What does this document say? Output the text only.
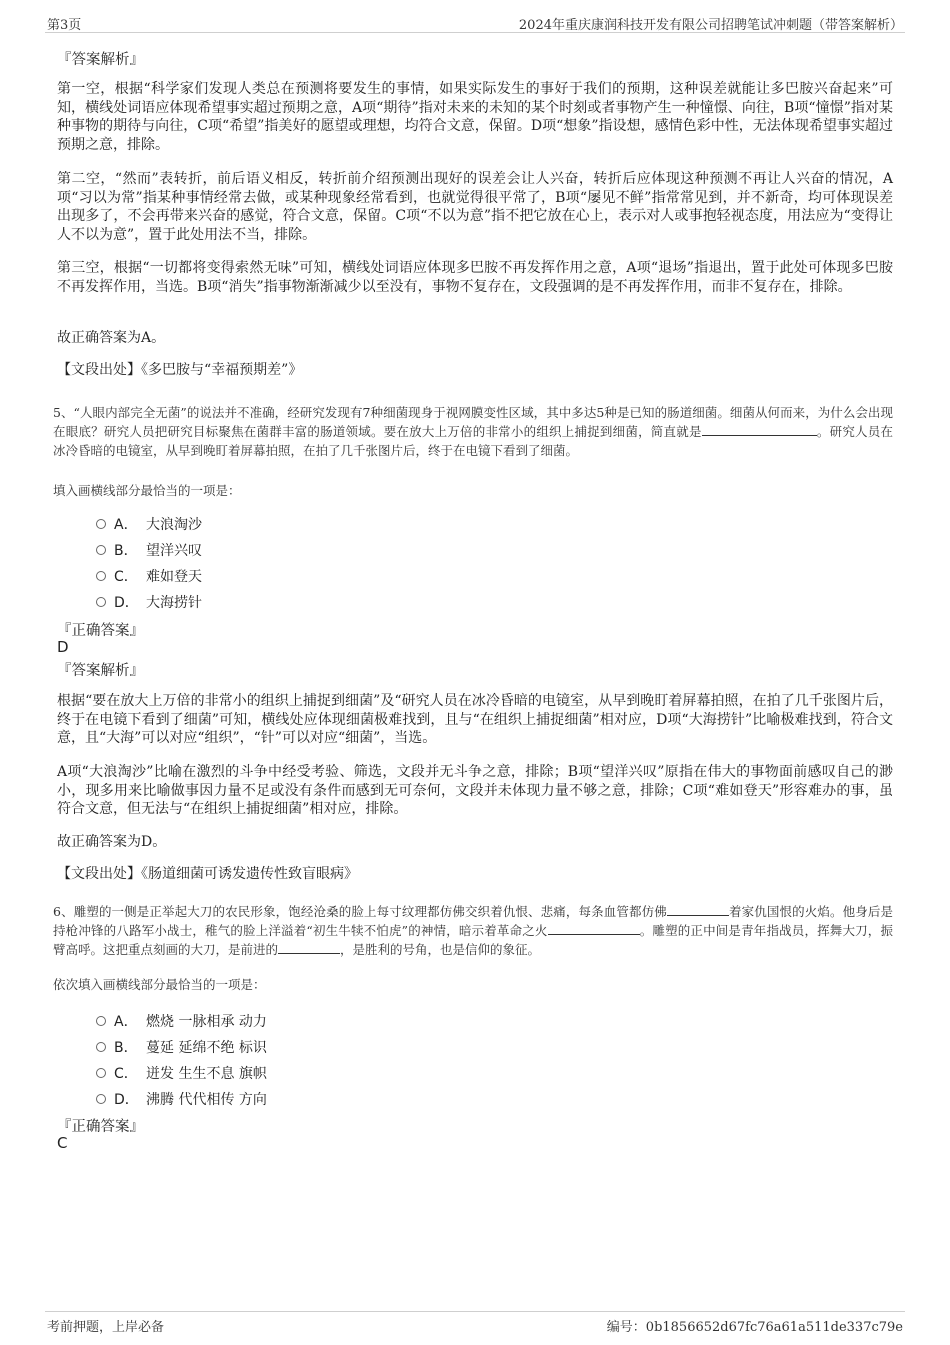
第3页	2024年重庆康润科技开发有限公司招聘笔试冲刺题（带答案解析）
『答案解析』

第一空，根据“科学家们发现人类总在预测将要发生的事情，如果实际发生的事好于我们的预期，这种误差就能让多巴胺兴奋起来”可知，横线处词语应体现希望事实超过预期之意，A项“期待”指对未来的未知的某个时刻或者事物产生一种憧憬、向往，B项“憧憬”指对某种事物的期待与向往，C项“希望”指美好的愿望或理想，均符合文意，保留。D项“想象”指设想，感情色彩中性，无法体现希望事实超过预期之意，排除。

第二空，“然而”表转折，前后语义相反，转折前介绍预测出现好的误差会让人兴奋，转折后应体现这种预测不再让人兴奋的情况，A项“习以为常”指某种事情经常去做，或某种现象经常看到，也就觉得很平常了，B项“屡见不鲜”指常常见到，并不新奇，均可体现误差出现多了，不会再带来兴奋的感觉，符合文意，保留。C项“不以为意”指不把它放在心上，表示对人或事抱轻视态度，用法应为“变得让人不以为意”，置于此处用法不当，排除。

第三空，根据“一切都将变得索然无味”可知，横线处词语应体现多巴胺不再发挥作用之意，A项“退场”指退出，置于此处可体现多巴胺不再发挥作用，当选。B项“消失”指事物渐渐减少以至没有，事物不复存在，文段强调的是不再发挥作用，而非不复存在，排除。

故正确答案为A。

【文段出处】《多巴胺与“幸福预期差”》

5、“人眼内部完全无菌”的说法并不准确，经研究发现有7种细菌现身于视网膜变性区域，其中多达5种是已知的肠道细菌。细菌从何而来，为什么会出现在眼底？研究人员把研究目标聚焦在菌群丰富的肠道领域。要在放大上万倍的非常小的组织上捕捉到细菌，简直就是	。研究人员在冰冷昏暗的电镜室，从早到晚盯着屏幕拍照，在拍了几千张图片后，终于在电镜下看到了细菌。

填入画横线部分最恰当的一项是：

A． 大浪淘沙
B． 望洋兴叹
C． 难如登天
D． 大海捞针
『正确答案』
D
『答案解析』

根据“要在放大上万倍的非常小的组织上捕捉到细菌”及“研究人员在冰冷昏暗的电镜室，从早到晚盯着屏幕拍照，在拍了几千张图片后，终于在电镜下看到了细菌”可知，横线处应体现细菌极难找到，且与“在组织上捕捉细菌”相对应，D项“大海捞针”比喻极难找到，符合文意，且“大海”可以对应“组织”，“针”可以对应“细菌”，当选。

A项“大浪淘沙”比喻在激烈的斗争中经受考验、筛选，文段并无斗争之意，排除；B项“望洋兴叹”原指在伟大的事物面前感叹自己的渺小，现多用来比喻做事因力量不足或没有条件而感到无可奈何，文段并未体现力量不够之意，排除；C项“难如登天”形容难办的事，虽符合文意，但无法与“在组织上捕捉细菌”相对应，排除。

故正确答案为D。

【文段出处】《肠道细菌可诱发遗传性致盲眼病》

6、雕塑的一侧是正举起大刀的农民形象，饱经沧桑的脸上每寸纹理都仿佛交织着仇恨、悲痛，每条血管都仿佛	着家仇国恨的火焰。他身后是持枪冲锋的八路军小战士，稚气的脸上洋溢着“初生牛犊不怕虎”的神情，暗示着革命之火	。雕塑的正中间是青年指战员，挥舞大刀，振臂高呼。这把重点刻画的大刀，是前进的	，是胜利的号角，也是信仰的象征。

依次填入画横线部分最恰当的一项是：

A． 燃烧 一脉相承 动力
B． 蔓延 延绵不绝 标识
C． 迸发 生生不息 旗帜
D． 沸腾 代代相传 方向
『正确答案』
C
考前押题，上岸必备	编号：0b1856652d67fc76a61a511de337c79e
